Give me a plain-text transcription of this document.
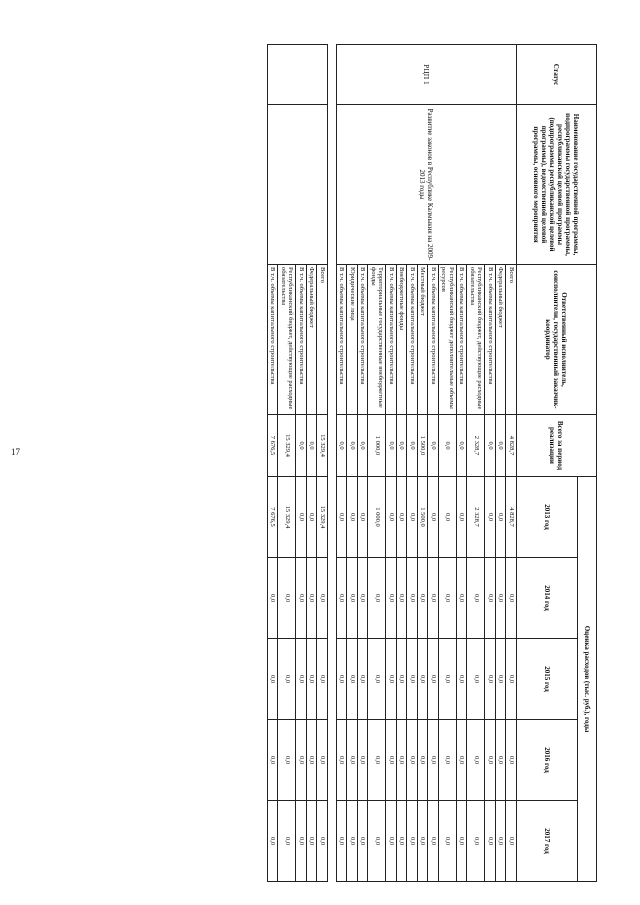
17
Статус	Наименование государственной программы, подпрограммы государственной программы, республиканской целевой программы (подпрограммы республиканской целевой программы), ведомственной целевой программы, основного мероприятия	Ответственный исполнитель, соисполнители, государственный заказчик-координатор	Всего за период реализации	Оценка расходов (тыс. руб.), годы				
				2013 год	2014 год	2015 год	2016 год	2017 год
РЦП 1	Развитие законов в Республике Калмыкия на 2009-2013 годы	Всего	4 828,7	4 828,7	0,0	0,0	0,0	0,0
		Федеральный бюджет	0,0	0,0	0,0	0,0	0,0	0,0
		В т.ч. объемы капитального строительства	0,0	0,0	0,0	0,0	0,0	0,0
		Республиканский бюджет, действующие расходные обязательства	2 328,7	2 328,7	0,0	0,0	0,0	0,0
		В т.ч. объемы капитального строительства	0,0	0,0	0,0	0,0	0,0	0,0
		Республиканский бюджет дополнительные объемы ресурсов	0,0	0,0	0,0	0,0	0,0	0,0
		В т.ч. объемы капитального строительства	0,0	0,0	0,0	0,0	0,0	0,0
		Местный бюджет	1 500,0	1 500,0	0,0	0,0	0,0	0,0
		В т.ч. объемы капитального строительства	0,0	0,0	0,0	0,0	0,0	0,0
		Внебюджетные фонды	0,0	0,0	0,0	0,0	0,0	0,0
		В т.ч. объемы капитального строительства	0,0	0,0	0,0	0,0	0,0	0,0
		Территориальные государственные внебюджетные фонды	1 000,0	1 000,0	0,0	0,0	0,0	0,0
		В т.ч. объемы капитального строительства	0,0	0,0	0,0	0,0	0,0	0,0
		Юридические лица	0,0	0,0	0,0	0,0	0,0	0,0
		В т.ч. объемы капитального строительства	0,0	0,0	0,0	0,0	0,0	0,0

		Всего	15 329,4	15 329,4	0,0	0,0	0,0	0,0
		Федеральный бюджет	0,0	0,0	0,0	0,0	0,0	0,0
		В т.ч. объемы капитального строительства	0,0	0,0	0,0	0,0	0,0	0,0
		Республиканский бюджет, действующие расходные обязательства	15 329,4	15 329,4	0,0	0,0	0,0	0,0
		В т.ч. объемы капитального строительства	7 676,5	7 676,5	0,0	0,0	0,0	0,0
